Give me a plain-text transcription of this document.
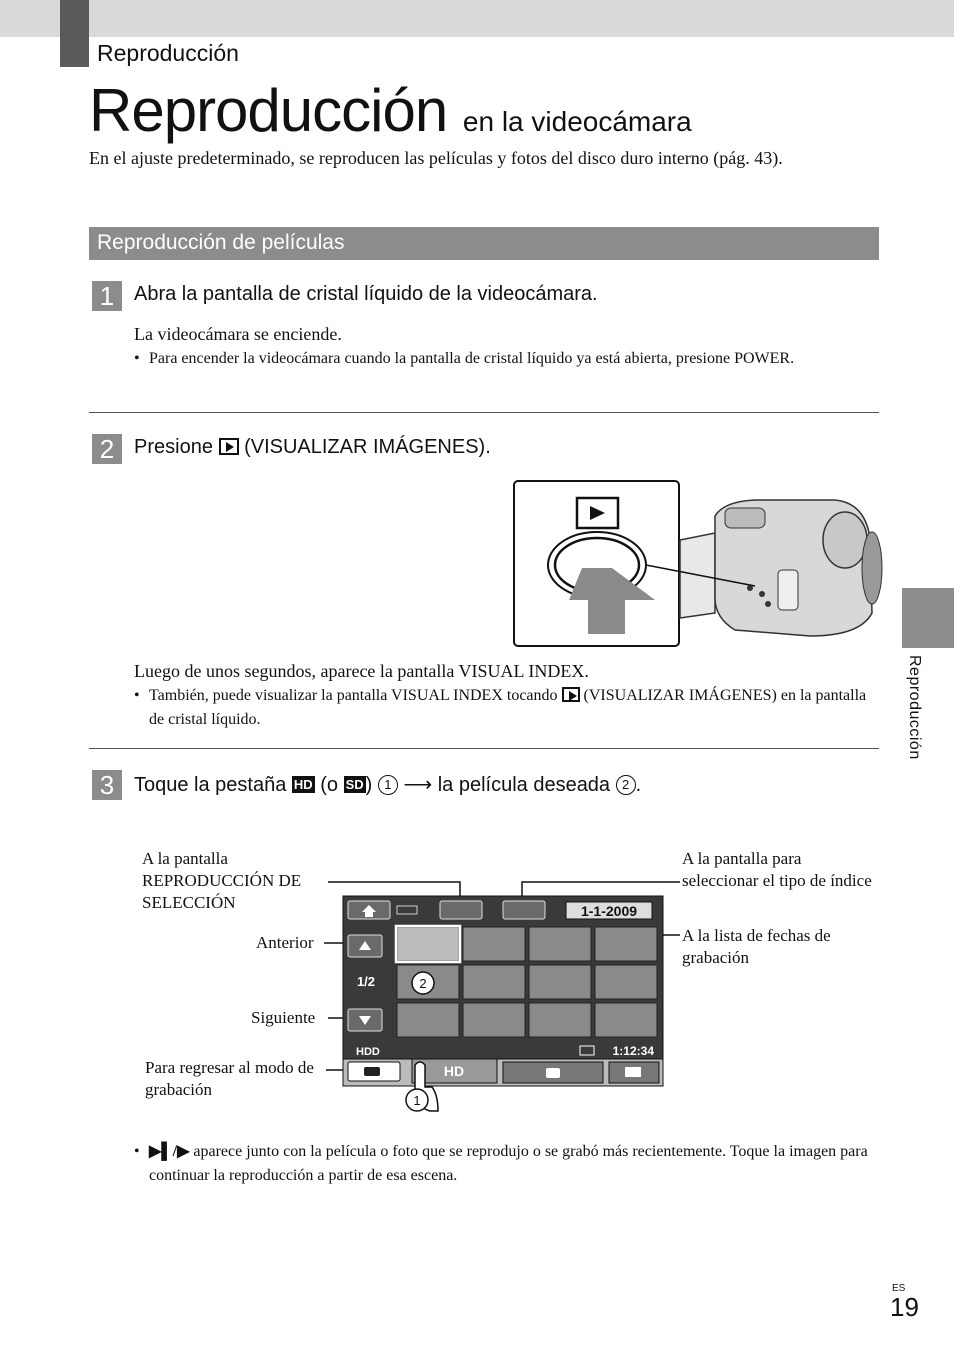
Reproducción
Reproducción en la videocámara
En el ajuste predeterminado, se reproducen las películas y fotos del disco duro interno (pág. 43).
Reproducción de películas
1 Abra la pantalla de cristal líquido de la videocámara.
La videocámara se enciende.
• Para encender la videocámara cuando la pantalla de cristal líquido ya está abierta, presione POWER.
2 Presione (VISUALIZAR IMÁGENES).
Luego de unos segundos, aparece la pantalla VISUAL INDEX.
• También, puede visualizar la pantalla VISUAL INDEX tocando (VISUALIZAR IMÁGENES) en la pantalla de cristal líquido.
3 Toque la pestaña HD (o SD ) 1 ⟶ la película deseada 2 .
A la pantalla REPRODUCCIÓN DE SELECCIÓN
Anterior
Siguiente
Para regresar al modo de grabación
A la pantalla para seleccionar el tipo de índice
A la lista de fechas de grabación
1-1-2009
1/2
HDD	1:12:34
HD
2
1
• ▶▌/▶ aparece junto con la película o foto que se reprodujo o se grabó más recientemente. Toque la imagen para continuar la reproducción a partir de esa escena.
Reproducción
ES
19
